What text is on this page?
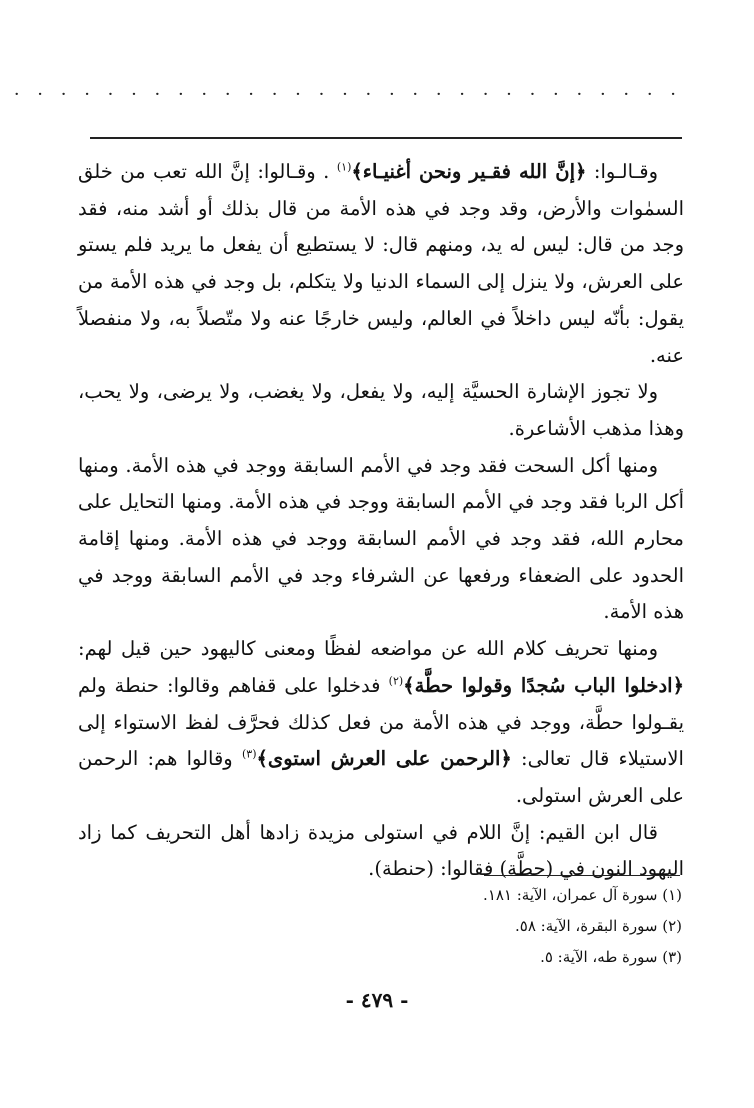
· · · · · · · · · · · · · · · · · · · · · · · · · · · · ·

وقـالـوا: ﴿إنَّ الله فقـير ونحن أغنيـاء﴾$^{(١)}$ . وقـالوا: إنَّ الله تعب من خلق السمٰوات والأرض، وقد وجد في هذه الأمة من قال بذلك أو أشد منه، فقد وجد من قال: ليس له يد، ومنهم قال: لا يستطيع أن يفعل ما يريد فلم يستو على العرش، ولا ينزل إلى السماء الدنيا ولا يتكلم، بل وجد في هذه الأمة من يقول: بأنّه ليس داخلاً في العالم، وليس خارجًا عنه ولا متّصلاً به، ولا منفصلاً عنه.

ولا تجوز الإشارة الحسيَّة إليه، ولا يفعل، ولا يغضب، ولا يرضى، ولا يحب، وهذا مذهب الأشاعرة.

ومنها أكل السحت فقد وجد في الأمم السابقة ووجد في هذه الأمة. ومنها أكل الربا فقد وجد في الأمم السابقة ووجد في هذه الأمة. ومنها التحايل على محارم الله، فقد وجد في الأمم السابقة ووجد في هذه الأمة. ومنها إقامة الحدود على الضعفاء ورفعها عن الشرفاء وجد في الأمم السابقة ووجد في هذه الأمة.

ومنها تحريف كلام الله عن مواضعه لفظًا ومعنى كاليهود حين قيل لهم: ﴿ادخلوا الباب سُجدًا وقولوا حطَّة﴾$^{(٢)}$ فدخلوا على قفاهم وقالوا: حنطة ولم يقـولوا حطَّة، ووجد في هذه الأمة من فعل كذلك فحرَّف لفظ الاستواء إلى الاستيلاء قال تعالى: ﴿الرحمن على العرش استوى﴾$^{(٣)}$ وقالوا هم: الرحمن على العرش استولى.

قال ابن القيم: إنَّ اللام في استولى مزيدة زادها أهل التحريف كما زاد اليهود النون في (حطَّة) فقالوا: (حنطة).

(١) سورة آل عمران، الآية: ١٨١.
(٢) سورة البقرة، الآية: ٥٨.
(٣) سورة طه، الآية: ٥.
- ٤٧٩ -
